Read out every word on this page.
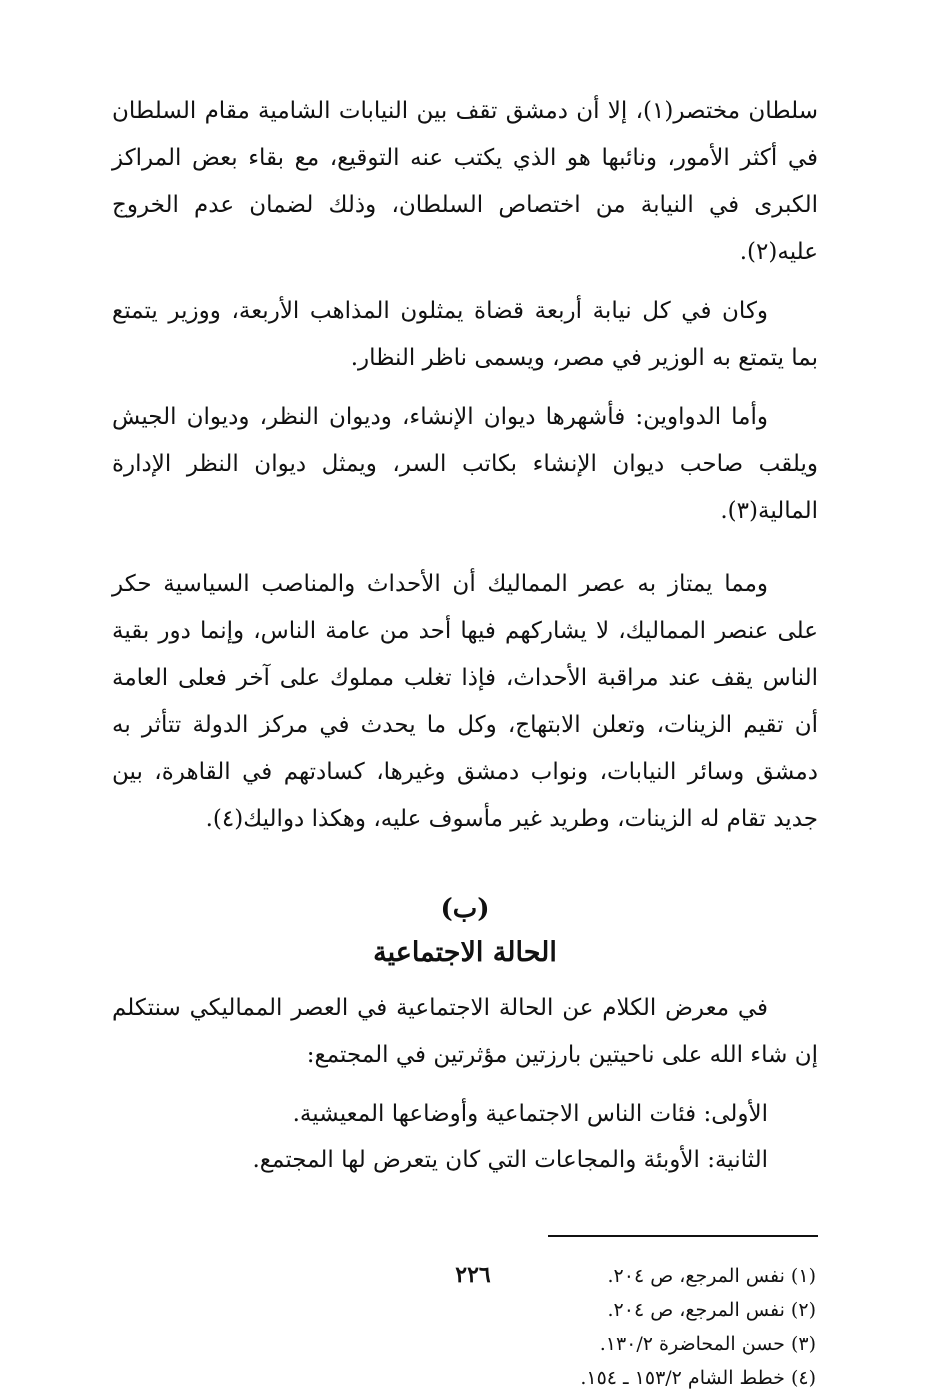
سلطان مختصر(١)، إلا أن دمشق تقف بين النيابات الشامية مقام السلطان في أكثر الأمور، ونائبها هو الذي يكتب عنه التوقيع، مع بقاء بعض المراكز الكبرى في النيابة من اختصاص السلطان، وذلك لضمان عدم الخروج عليه(٢).

وكان في كل نيابة أربعة قضاة يمثلون المذاهب الأربعة، ووزير يتمتع بما يتمتع به الوزير في مصر، ويسمى ناظر النظار.

وأما الدواوين: فأشهرها ديوان الإنشاء، وديوان النظر، وديوان الجيش ويلقب صاحب ديوان الإنشاء بكاتب السر، ويمثل ديوان النظر الإدارة المالية(٣).

ومما يمتاز به عصر المماليك أن الأحداث والمناصب السياسية حكر على عنصر المماليك، لا يشاركهم فيها أحد من عامة الناس، وإنما دور بقية الناس يقف عند مراقبة الأحداث، فإذا تغلب مملوك على آخر فعلى العامة أن تقيم الزينات، وتعلن الابتهاج، وكل ما يحدث في مركز الدولة تتأثر به دمشق وسائر النيابات، ونواب دمشق وغيرها، كسادتهم في القاهرة، بين جديد تقام له الزينات، وطريد غير مأسوف عليه، وهكذا دواليك(٤).

(ب)
الحالة الاجتماعية

في معرض الكلام عن الحالة الاجتماعية في العصر المماليكي سنتكلم إن شاء الله على ناحيتين بارزتين مؤثرتين في المجتمع:

الأولى: فئات الناس الاجتماعية وأوضاعها المعيشية.
الثانية: الأوبئة والمجاعات التي كان يتعرض لها المجتمع.
(١) نفس المرجع، ص ٢٠٤.
(٢) نفس المرجع، ص ٢٠٤.
(٣) حسن المحاضرة ١٣٠/٢.
(٤) خطط الشام ١٥٣/٢ ـ ١٥٤.
٢٢٦
